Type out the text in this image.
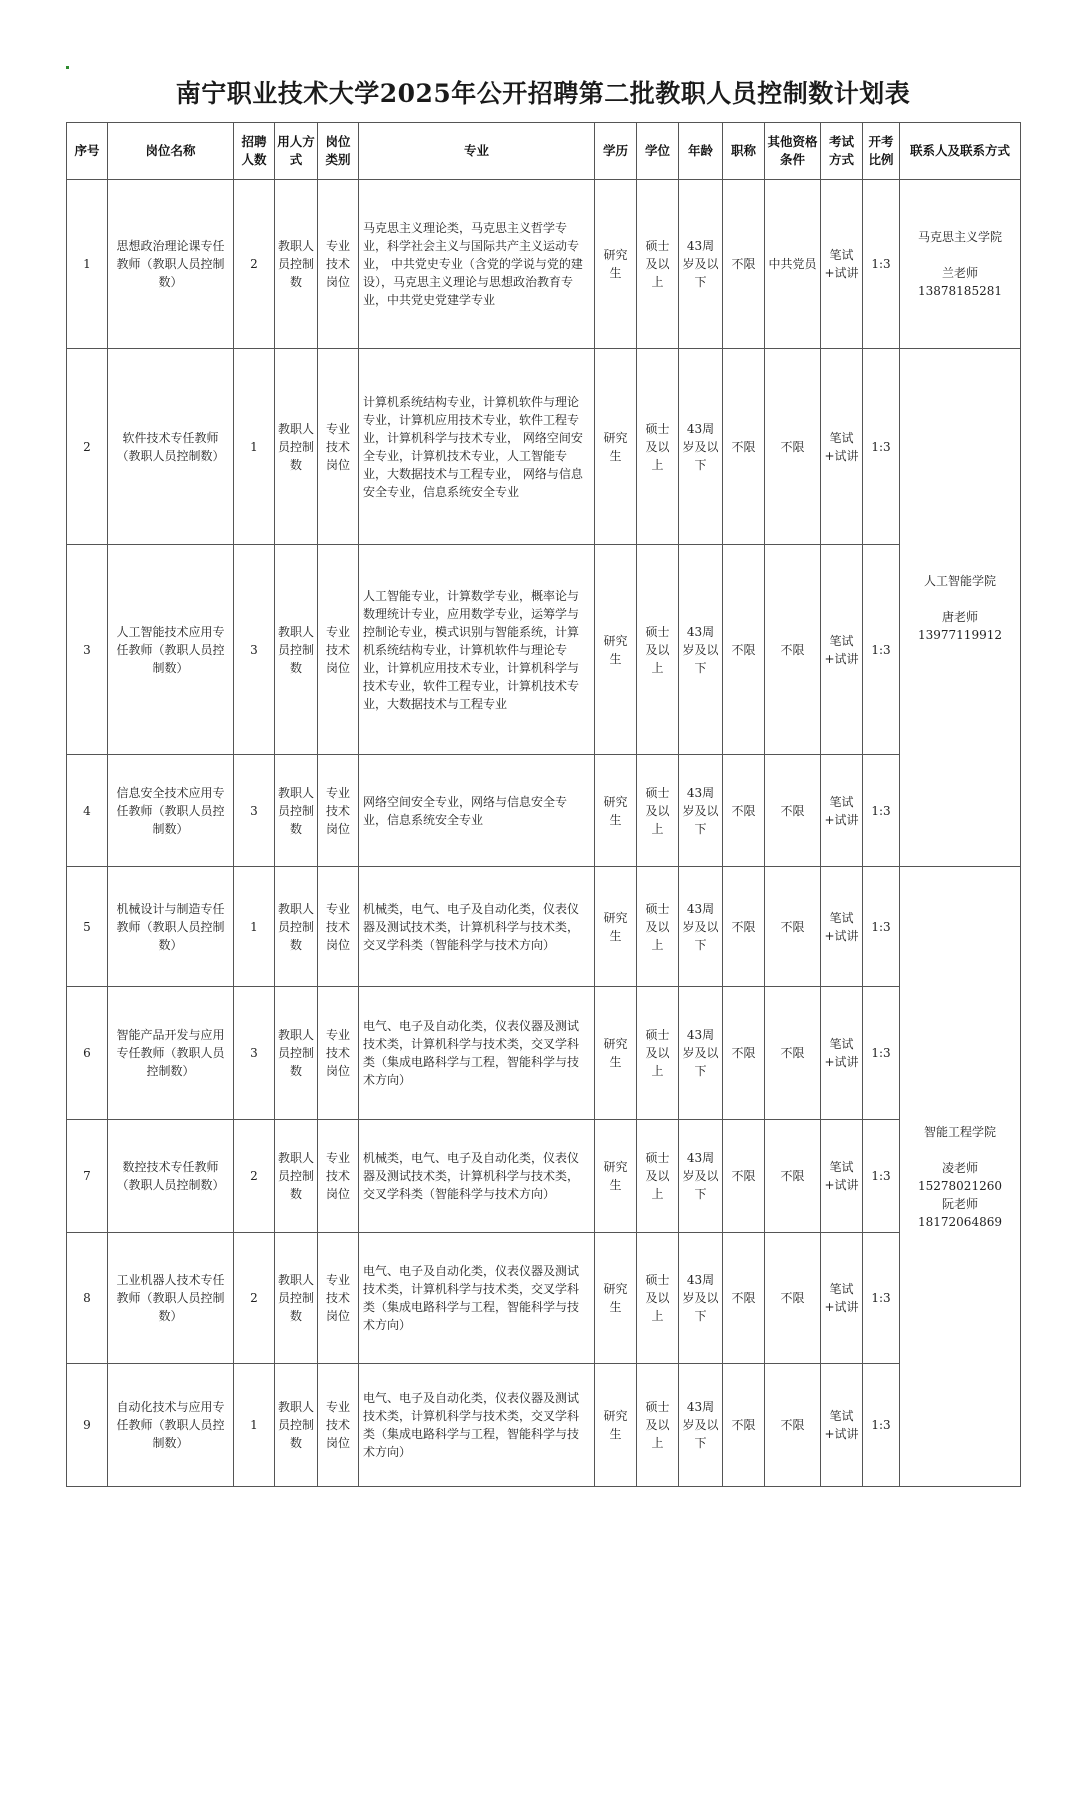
南宁职业技术大学2025年公开招聘第二批教职人员控制数计划表
序号	岗位名称	招聘人数	用人方式	岗位类别	专业	学历	学位	年龄	职称	其他资格条件	考试方式	开考比例	联系人及联系方式
1	思想政治理论课专任教师（教职人员控制数）	2	教职人员控制数	专业技术岗位	马克思主义理论类，马克思主义哲学专业，科学社会主义与国际共产主义运动专业， 中共党史专业（含党的学说与党的建设），马克思主义理论与思想政治教育专业，中共党史党建学专业	研究生	硕士及以上	43周岁及以下	不限	中共党员	笔试+试讲	1:3	马克思主义学院
兰老师
13878185281

2	软件技术专任教师（教职人员控制数）	1	教职人员控制数	专业技术岗位	计算机系统结构专业，计算机软件与理论专业，计算机应用技术专业，软件工程专业，计算机科学与技术专业， 网络空间安全专业，计算机技术专业，人工智能专业，大数据技术与工程专业， 网络与信息安全专业，信息系统安全专业	研究生	硕士及以上	43周岁及以下	不限	不限	笔试+试讲	1:3	人工智能学院
唐老师
13977119912

3	人工智能技术应用专任教师（教职人员控制数）	3	教职人员控制数	专业技术岗位	人工智能专业，计算数学专业，概率论与数理统计专业，应用数学专业，运筹学与控制论专业，模式识别与智能系统，计算机系统结构专业，计算机软件与理论专业，计算机应用技术专业，计算机科学与技术专业，软件工程专业，计算机技术专业，大数据技术与工程专业	研究生	硕士及以上	43周岁及以下	不限	不限	笔试+试讲	1:3	
4	信息安全技术应用专任教师（教职人员控制数）	3	教职人员控制数	专业技术岗位	网络空间安全专业，网络与信息安全专业，信息系统安全专业	研究生	硕士及以上	43周岁及以下	不限	不限	笔试+试讲	1:3	
5	机械设计与制造专任教师（教职人员控制数）	1	教职人员控制数	专业技术岗位	机械类，电气、电子及自动化类，仪表仪器及测试技术类，计算机科学与技术类，交叉学科类（智能科学与技术方向）	研究生	硕士及以上	43周岁及以下	不限	不限	笔试+试讲	1:3	智能工程学院
凌老师
15278021260
阮老师
18172064869

6	智能产品开发与应用专任教师（教职人员控制数）	3	教职人员控制数	专业技术岗位	电气、电子及自动化类，仪表仪器及测试技术类，计算机科学与技术类，交叉学科类（集成电路科学与工程，智能科学与技术方向）	研究生	硕士及以上	43周岁及以下	不限	不限	笔试+试讲	1:3	
7	数控技术专任教师（教职人员控制数）	2	教职人员控制数	专业技术岗位	机械类，电气、电子及自动化类，仪表仪器及测试技术类，计算机科学与技术类，交叉学科类（智能科学与技术方向）	研究生	硕士及以上	43周岁及以下	不限	不限	笔试+试讲	1:3	
8	工业机器人技术专任教师（教职人员控制数）	2	教职人员控制数	专业技术岗位	电气、电子及自动化类，仪表仪器及测试技术类，计算机科学与技术类，交叉学科类（集成电路科学与工程，智能科学与技术方向）	研究生	硕士及以上	43周岁及以下	不限	不限	笔试+试讲	1:3	
9	自动化技术与应用专任教师（教职人员控制数）	1	教职人员控制数	专业技术岗位	电气、电子及自动化类，仪表仪器及测试技术类，计算机科学与技术类，交叉学科类（集成电路科学与工程，智能科学与技术方向）	研究生	硕士及以上	43周岁及以下	不限	不限	笔试+试讲	1:3	
